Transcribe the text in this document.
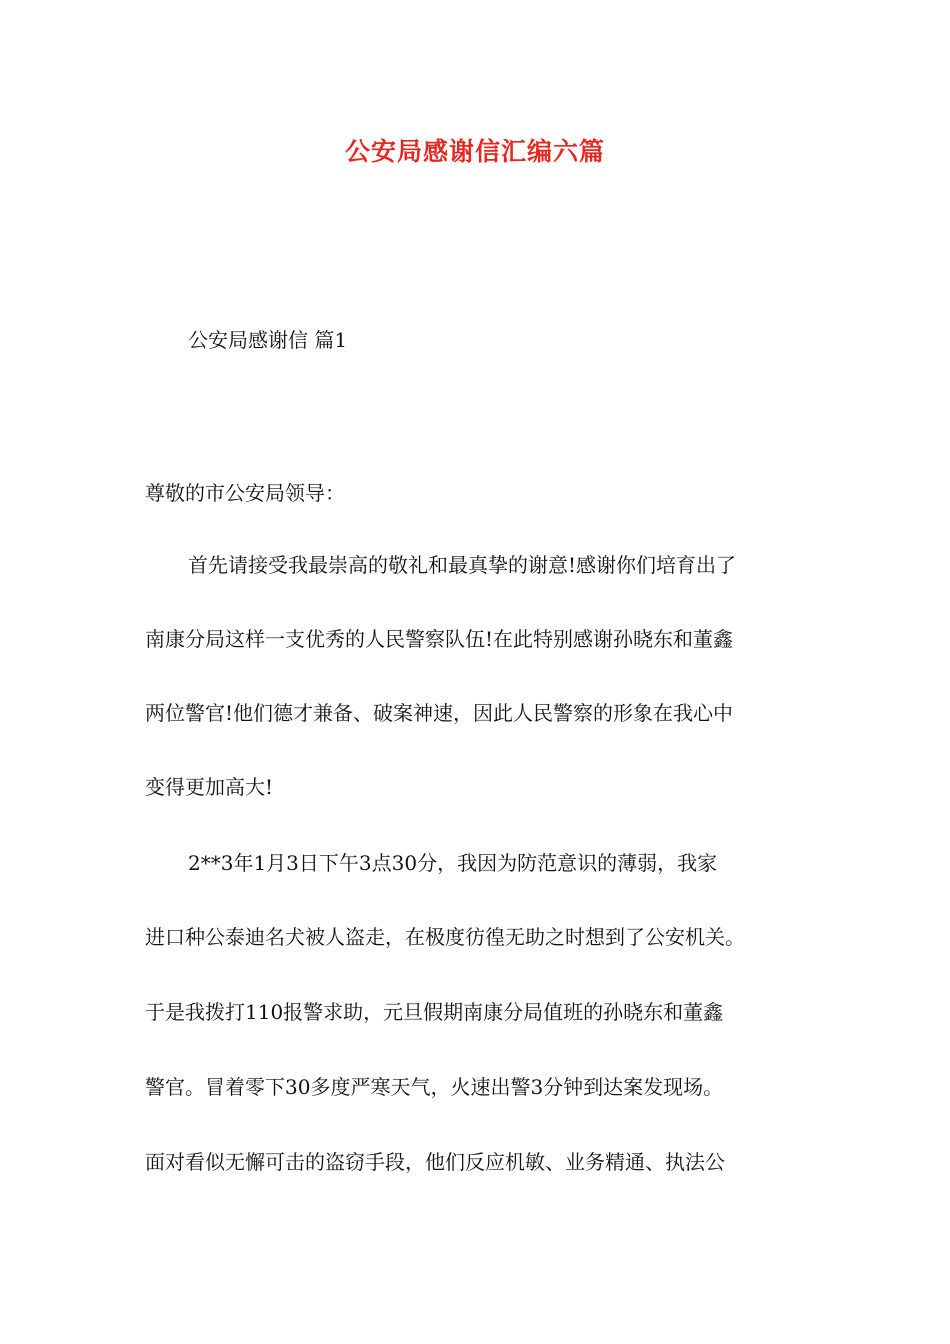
公安局感谢信汇编六篇

公安局感谢信 篇1

尊敬的市公安局领导：

首先请接受我最崇高的敬礼和最真挚的谢意!感谢你们培育出了

南康分局这样一支优秀的人民警察队伍!在此特别感谢孙晓东和董鑫

两位警官!他们德才兼备、破案神速，因此人民警察的形象在我心中

变得更加高大!

2**3年1月3日下午3点30分，我因为防范意识的薄弱，我家

进口种公泰迪名犬被人盗走，在极度彷徨无助之时想到了公安机关。

于是我拨打110报警求助，元旦假期南康分局值班的孙晓东和董鑫

警官。冒着零下30多度严寒天气，火速出警3分钟到达案发现场。

面对看似无懈可击的盗窃手段，他们反应机敏、业务精通、执法公
